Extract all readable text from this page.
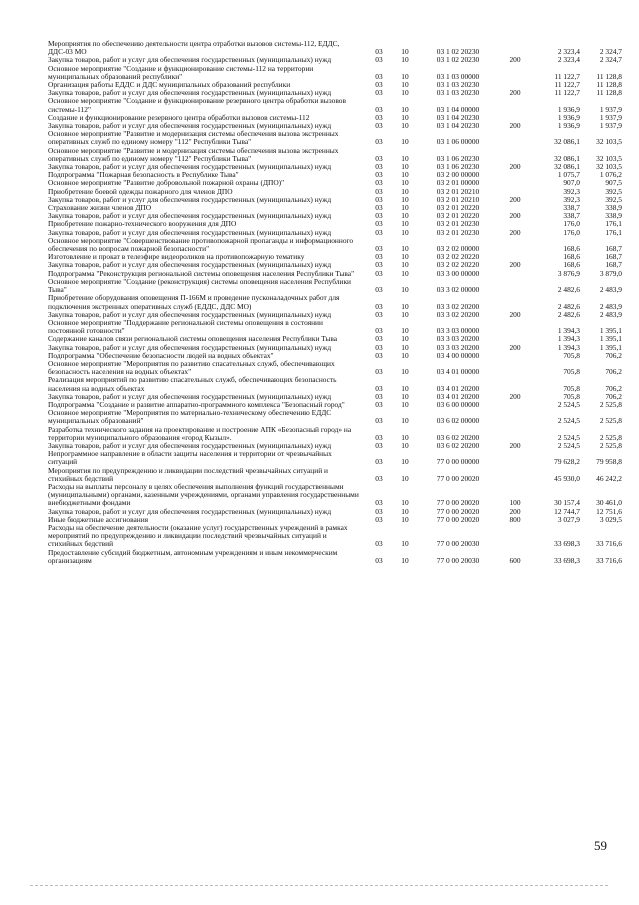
Мероприятия по обеспечению деятельности центра отработки вызовов системы-112, ЕДДС, ДДС-03 МО	03	10	03 1 02 20230		2 323,4	2 324,7
Закупка товаров, работ и услуг для обеспечения государственных (муниципальных) нужд	03	10	03 1 02 20230	200	2 323,4	2 324,7
Основное мероприятие "Создание и функционирование системы-112 на территории муниципальных образований республики"	03	10	03 1 03 00000		11 122,7	11 128,8
Организация работы ЕДДС и ДДС муниципальных образований республики	03	10	03 1 03 20230		11 122,7	11 128,8
Закупка товаров, работ и услуг для обеспечения государственных (муниципальных) нужд	03	10	03 1 03 20230	200	11 122,7	11 128,8
Основное мероприятие "Создание и функционирование резервного центра обработки вызовов системы-112"	03	10	03 1 04 00000		1 936,9	1 937,9
Создание и функционирование резервного центра обработки вызовов системы-112	03	10	03 1 04 20230		1 936,9	1 937,9
Закупка товаров, работ и услуг для обеспечения государственных (муниципальных) нужд	03	10	03 1 04 20230	200	1 936,9	1 937,9
Основное мероприятие "Развитие и модернизация системы обеспечения вызова экстренных оперативных служб по единому номеру "112" Республики Тыва"	03	10	03 1 06 00000		32 086,1	32 103,5
Основное мероприятие "Развитие и модернизация системы обеспечения вызова экстренных оперативных служб по единому номеру "112" Республики Тыва"	03	10	03 1 06 20230		32 086,1	32 103,5
Закупка товаров, работ и услуг для обеспечения государственных (муниципальных) нужд	03	10	03 1 06 20230	200	32 086,1	32 103,5
Подпрограмма "Пожарная безопасность в Республике Тыва"	03	10	03 2 00 00000		1 075,7	1 076,2
Основное мероприятие "Развитие добровольной пожарной охраны (ДПО)"	03	10	03 2 01 00000		907,0	907,5
Приобретение боевой одежды пожарного для членов ДПО	03	10	03 2 01 20210		392,3	392,5
Закупка товаров, работ и услуг для обеспечения государственных (муниципальных) нужд	03	10	03 2 01 20210	200	392,3	392,5
Страхование жизни членов ДПО	03	10	03 2 01 20220		338,7	338,9
Закупка товаров, работ и услуг для обеспечения государственных (муниципальных) нужд	03	10	03 2 01 20220	200	338,7	338,9
Приобретение пожарно-технического вооружения для ДПО	03	10	03 2 01 20230		176,0	176,1
Закупка товаров, работ и услуг для обеспечения государственных (муниципальных) нужд	03	10	03 2 01 20230	200	176,0	176,1
Основное мероприятие "Совершенствование противопожарной пропаганды и информационного обеспечения по вопросам пожарной безопасности"	03	10	03 2 02 00000		168,6	168,7
Изготовление и прокат в телеэфире видеороликов на противопожарную тематику	03	10	03 2 02 20220		168,6	168,7
Закупка товаров, работ и услуг для обеспечения государственных (муниципальных) нужд	03	10	03 2 02 20220	200	168,6	168,7
Подпрограмма "Реконструкция региональной системы оповещения населения Республики Тыва"	03	10	03 3 00 00000		3 876,9	3 879,0
Основное мероприятие "Создание (реконструкция) системы оповещения населения Республики Тыва"	03	10	03 3 02 00000		2 482,6	2 483,9
Приобретение оборудования оповещения П-166М и проведение пусконаладочных работ для подключения экстренных оперативных служб (ЕДДС, ДДС МО)	03	10	03 3 02 20200		2 482,6	2 483,9
Закупка товаров, работ и услуг для обеспечения государственных (муниципальных) нужд	03	10	03 3 02 20200	200	2 482,6	2 483,9
Основное мероприятие "Поддержание региональной системы оповещения в состоянии постоянной готовности"	03	10	03 3 03 00000		1 394,3	1 395,1
Содержание каналов связи региональной системы оповещения населения Республики Тыва	03	10	03 3 03 20200		1 394,3	1 395,1
Закупка товаров, работ и услуг для обеспечения государственных (муниципальных) нужд	03	10	03 3 03 20200	200	1 394,3	1 395,1
Подпрограмма "Обеспечение безопасности людей на водных объектах"	03	10	03 4 00 00000		705,8	706,2
Основное мероприятие "Мероприятия по развитию спасательных служб, обеспечивающих безопасность населения на водных объектах"	03	10	03 4 01 00000		705,8	706,2
Реализация мероприятий по развитию спасательных служб, обеспечивающих безопасность населения на водных объектах	03	10	03 4 01 20200		705,8	706,2
Закупка товаров, работ и услуг для обеспечения государственных (муниципальных) нужд	03	10	03 4 01 20200	200	705,8	706,2
Подпрограмма "Создание и развитие аппаратно-программного комплекса "Безопасный город"	03	10	03 6 00 00000		2 524,5	2 525,8
Основное мероприятие "Мероприятия по материально-техническому обеспечению ЕДДС муниципальных образований"	03	10	03 6 02 00000		2 524,5	2 525,8
Разработка технического задания на проектирование и построение АПК «Безопасный город» на территории муниципального образования «город Кызыл».	03	10	03 6 02 20200		2 524,5	2 525,8
Закупка товаров, работ и услуг для обеспечения государственных (муниципальных) нужд	03	10	03 6 02 20200	200	2 524,5	2 525,8
Непрограммное направление в области защиты населения и территории от чрезвычайных ситуаций	03	10	77 0 00 00000		79 628,2	79 958,8
Мероприятия по предупреждению и ликвидации последствий чрезвычайных ситуаций и стихийных бедствий	03	10	77 0 00 20020		45 930,0	46 242,2
Расходы на выплаты персоналу в целях обеспечения выполнения функций государственными (муниципальными) органами, казенными учреждениями, органами управления государственными внебюджетными фондами	03	10	77 0 00 20020	100	30 157,4	30 461,0
Закупка товаров, работ и услуг для обеспечения государственных (муниципальных) нужд	03	10	77 0 00 20020	200	12 744,7	12 751,6
Иные бюджетные ассигнования	03	10	77 0 00 20020	800	3 027,9	3 029,5
Расходы на обеспечение деятельности (оказание услуг) государственных учреждений в рамках мероприятий по предупреждению и ликвидации последствий чрезвычайных ситуаций и стихийных бедствий	03	10	77 0 00 20030		33 698,3	33 716,6
Предоставление субсидий бюджетным, автономным учреждениям и иным некоммерческим организациям	03	10	77 0 00 20030	600	33 698,3	33 716,6
59
